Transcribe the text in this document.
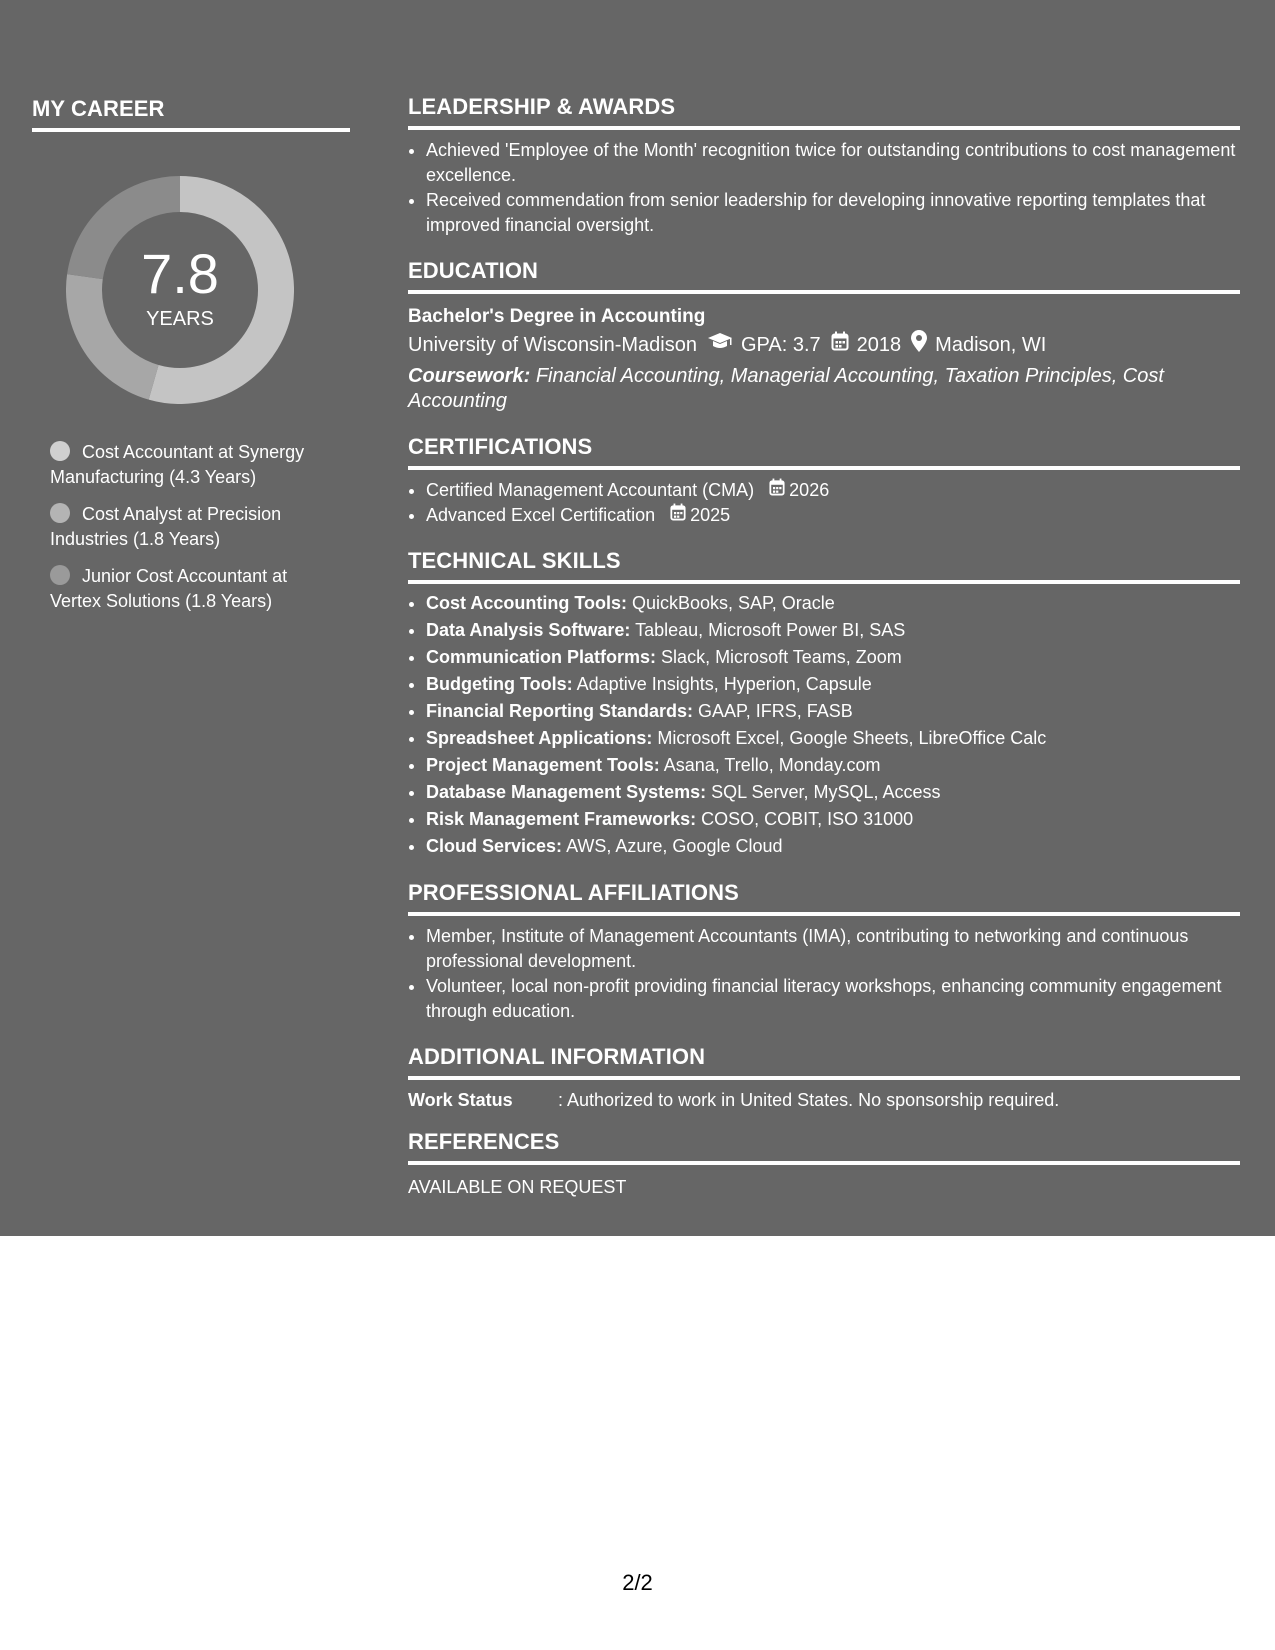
MY CAREER
7.8
YEARS
Cost Accountant at Synergy Manufacturing (4.3 Years)
Cost Analyst at Precision Industries (1.8 Years)
Junior Cost Accountant at Vertex Solutions (1.8 Years)
LEADERSHIP & AWARDS
• Achieved 'Employee of the Month' recognition twice for outstanding contributions to cost management excellence.
• Received commendation from senior leadership for developing innovative reporting templates that improved financial oversight.
EDUCATION
Bachelor's Degree in Accounting
University of Wisconsin-Madison GPA: 3.7 2018 Madison, WI
Coursework: Financial Accounting, Managerial Accounting, Taxation Principles, Cost Accounting
CERTIFICATIONS
• Certified Management Accountant (CMA) 2026
• Advanced Excel Certification 2025
TECHNICAL SKILLS
• Cost Accounting Tools: QuickBooks, SAP, Oracle
• Data Analysis Software: Tableau, Microsoft Power BI, SAS
• Communication Platforms: Slack, Microsoft Teams, Zoom
• Budgeting Tools: Adaptive Insights, Hyperion, Capsule
• Financial Reporting Standards: GAAP, IFRS, FASB
• Spreadsheet Applications: Microsoft Excel, Google Sheets, LibreOffice Calc
• Project Management Tools: Asana, Trello, Monday.com
• Database Management Systems: SQL Server, MySQL, Access
• Risk Management Frameworks: COSO, COBIT, ISO 31000
• Cloud Services: AWS, Azure, Google Cloud
PROFESSIONAL AFFILIATIONS
• Member, Institute of Management Accountants (IMA), contributing to networking and continuous professional development.
• Volunteer, local non-profit providing financial literacy workshops, enhancing community engagement through education.
ADDITIONAL INFORMATION
Work Status	: Authorized to work in United States. No sponsorship required.
REFERENCES
AVAILABLE ON REQUEST
2/2
